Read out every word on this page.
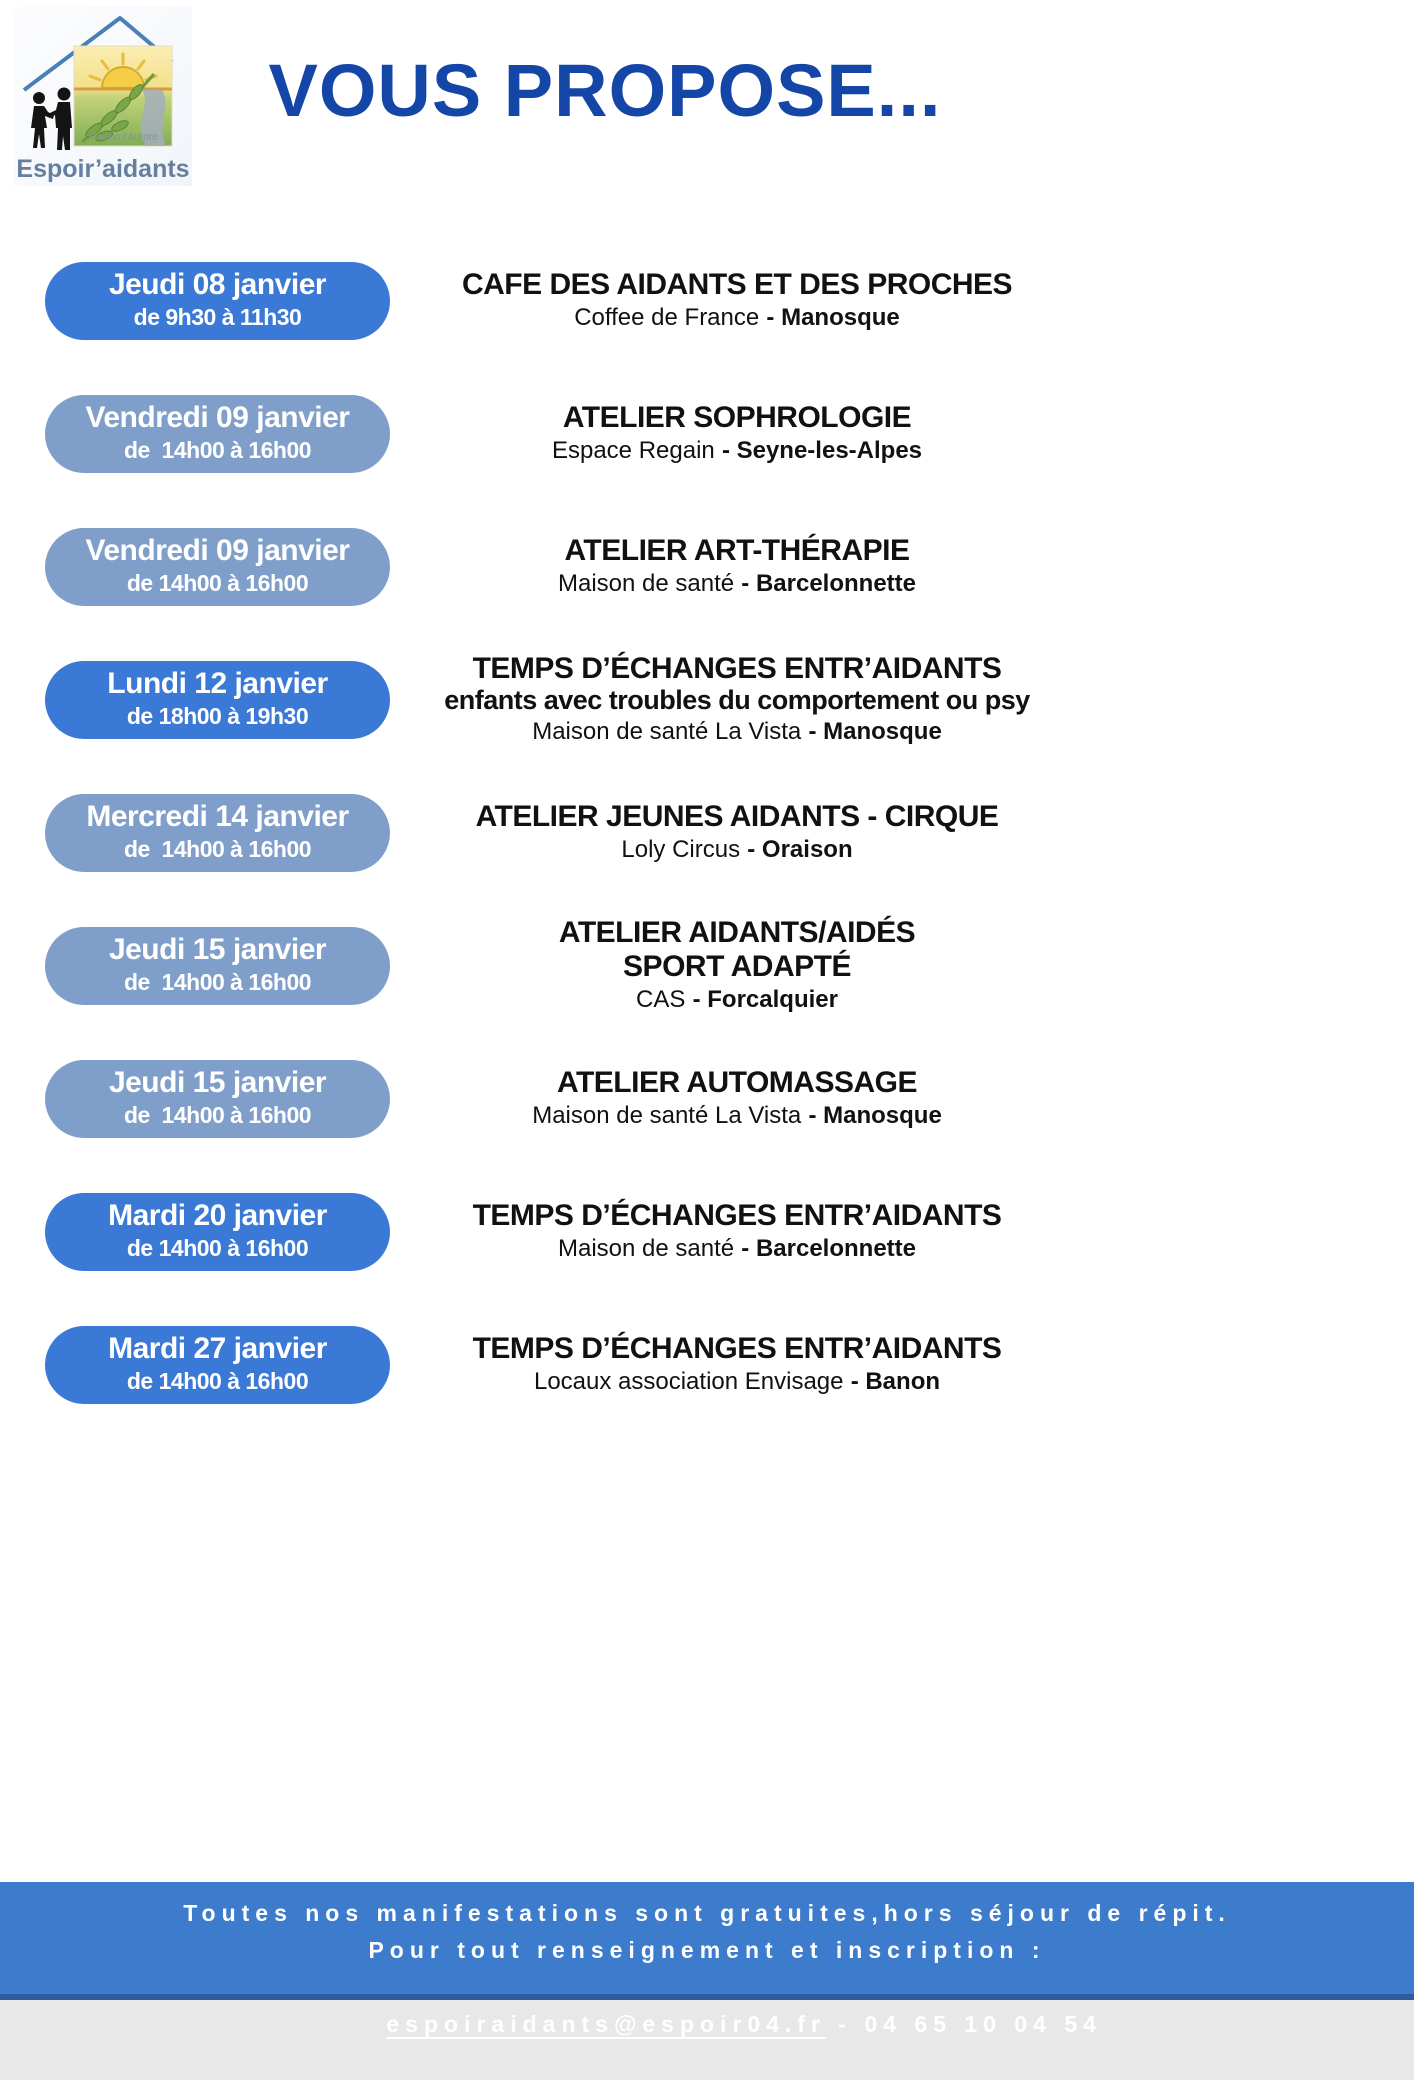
Maison l’Aurore
Espoir’aidants
VOUS PROPOSE...
Jeudi 08 janvier
de 9h30 à 11h30
CAFE DES AIDANTS ET DES PROCHES
Coffee de France - Manosque
Vendredi 09 janvier
de  14h00 à 16h00
ATELIER SOPHROLOGIE
Espace Regain - Seyne-les-Alpes
Vendredi 09 janvier
de 14h00 à 16h00
ATELIER ART-THÉRAPIE
Maison de santé - Barcelonnette
Lundi 12 janvier
de 18h00 à 19h30
TEMPS D’ÉCHANGES ENTR’AIDANTS
enfants avec troubles du comportement ou psy
Maison de santé La Vista - Manosque
Mercredi 14 janvier
de  14h00 à 16h00
ATELIER JEUNES AIDANTS - CIRQUE
Loly Circus - Oraison
Jeudi 15 janvier
de  14h00 à 16h00
ATELIER AIDANTS/AIDÉS
SPORT ADAPTÉ
CAS - Forcalquier
Jeudi 15 janvier
de  14h00 à 16h00
ATELIER AUTOMASSAGE
Maison de santé La Vista - Manosque
Mardi 20 janvier
de 14h00 à 16h00
TEMPS D’ÉCHANGES ENTR’AIDANTS
Maison de santé - Barcelonnette
Mardi 27 janvier
de 14h00 à 16h00
TEMPS D’ÉCHANGES ENTR’AIDANTS
Locaux association Envisage - Banon
Toutes nos manifestations sont gratuites,hors séjour de répit.
Pour tout renseignement et inscription :

espoiraidants@espoir04.fr - 04 65 10 04 54
